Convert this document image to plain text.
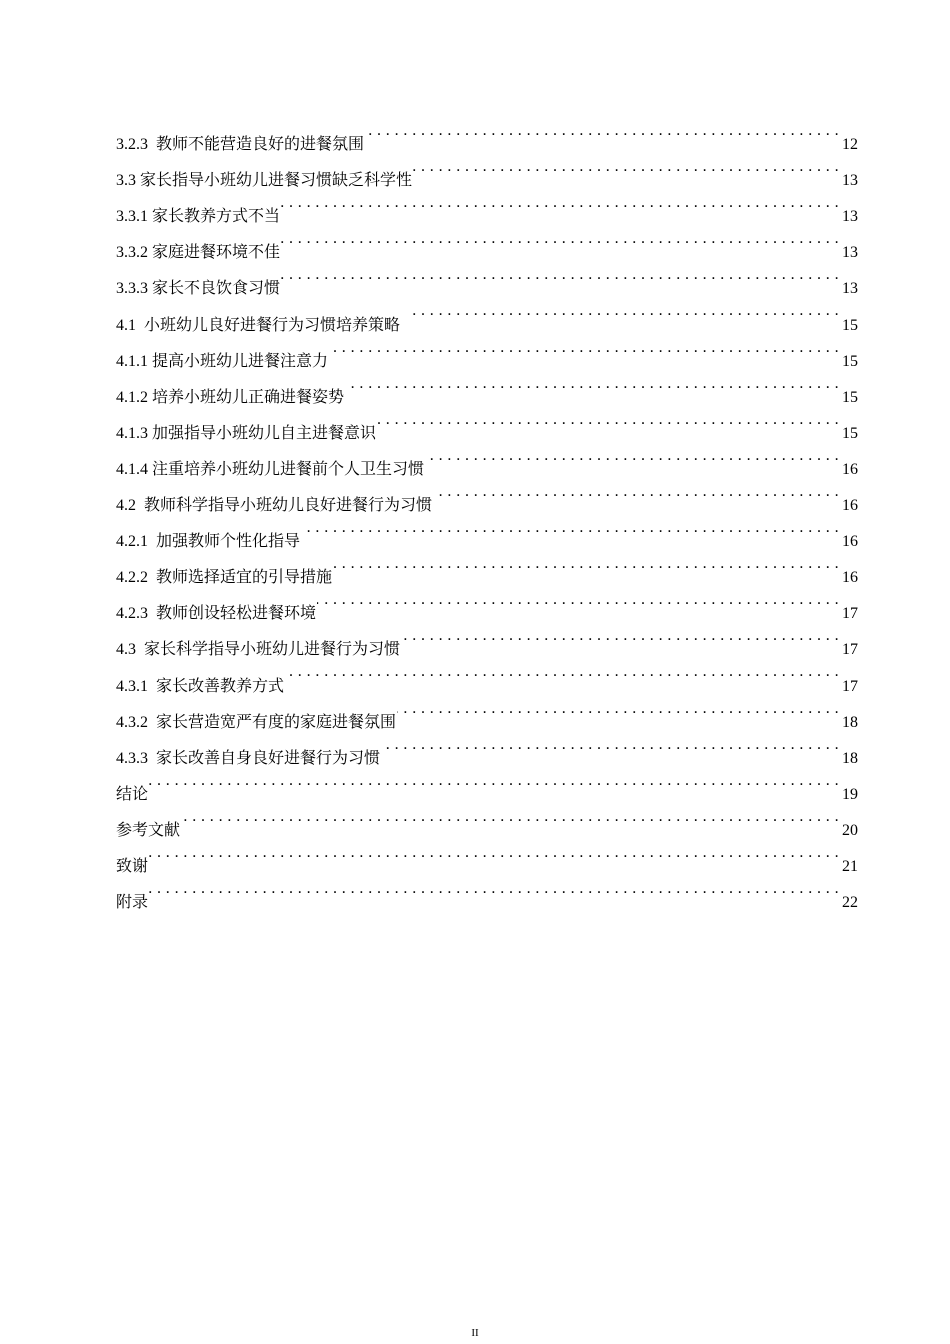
3.2.3  教师不能营造良好的进餐氛围 . . .	12
3.3 家长指导小班幼儿进餐习惯缺乏科学性 . . .	13
3.3.1 家长教养方式不当 . . .	13
3.3.2 家庭进餐环境不佳 . . .	13
3.3.3 家长不良饮食习惯 . . .	13
4.1  小班幼儿良好进餐行为习惯培养策略 . . .	15
4.1.1 提高小班幼儿进餐注意力 . . .	15
4.1.2 培养小班幼儿正确进餐姿势 . . .	15
4.1.3 加强指导小班幼儿自主进餐意识 . . .	15
4.1.4 注重培养小班幼儿进餐前个人卫生习惯 . . .	16
4.2  教师科学指导小班幼儿良好进餐行为习惯 . . .	16
4.2.1  加强教师个性化指导 . . .	16
4.2.2  教师选择适宜的引导措施 . . .	16
4.2.3  教师创设轻松进餐环境 . . .	17
4.3  家长科学指导小班幼儿进餐行为习惯 . . .	17
4.3.1  家长改善教养方式 . . .	17
4.3.2  家长营造宽严有度的家庭进餐氛围 . . .	18
4.3.3  家长改善自身良好进餐行为习惯 . . .	18
结论 . . .	19
参考文献 . . .	20
致谢 . . .	21
附录 . . .	22
II
